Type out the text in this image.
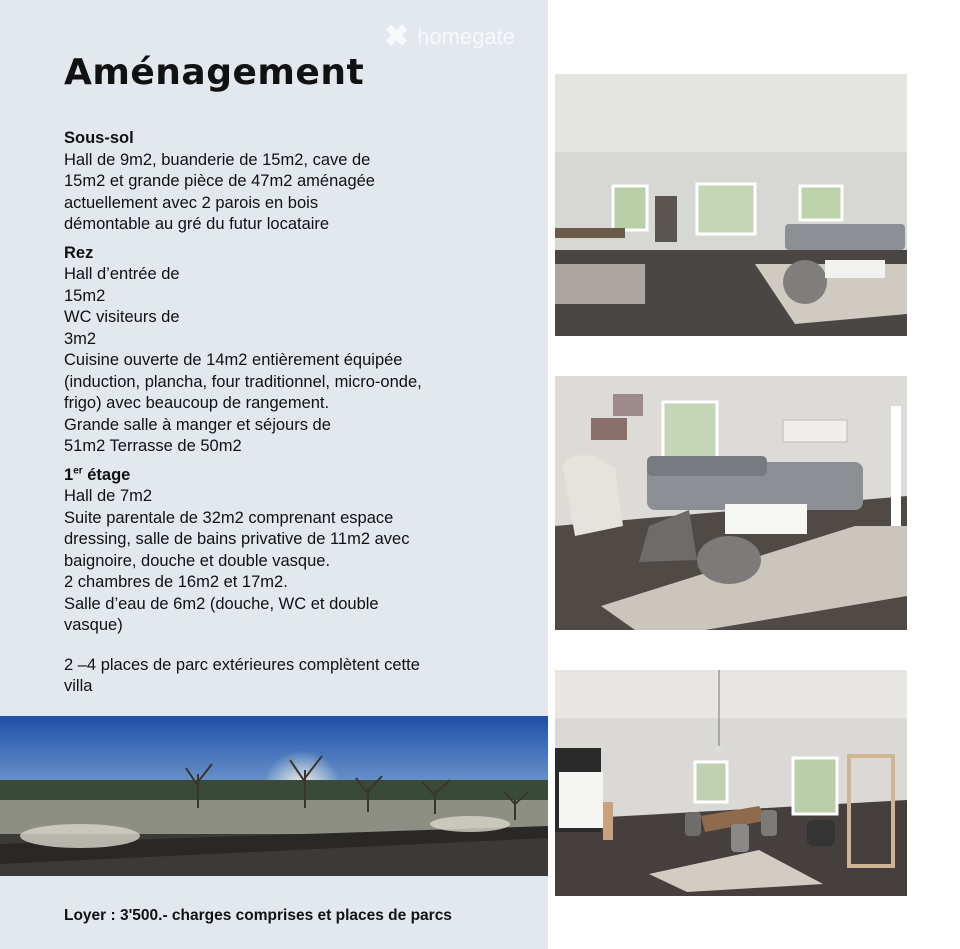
✖ homegate
Aménagement
Sous-sol
Hall de 9m2, buanderie de 15m2, cave de
15m2 et grande pièce de 47m2 aménagée
actuellement avec 2 parois en bois
démontable au gré du futur locataire
Rez
Hall d’entrée de
15m2
WC visiteurs de
3m2
Cuisine ouverte de 14m2 entièrement équipée
(induction, plancha, four traditionnel, micro-onde,
frigo) avec beaucoup de rangement.
Grande salle à manger et séjours de
51m2 Terrasse de 50m2
1er étage
Hall de 7m2
Suite parentale de 32m2 comprenant espace
dressing, salle de bains privative de 11m2 avec
baignoire, douche et double vasque.
2 chambres de 16m2 et 17m2.
Salle d’eau de 6m2 (douche, WC et double
vasque)
2 –4 places de parc extérieures complètent cette
villa
Loyer : 3'500.- charges comprises et places de parcs
